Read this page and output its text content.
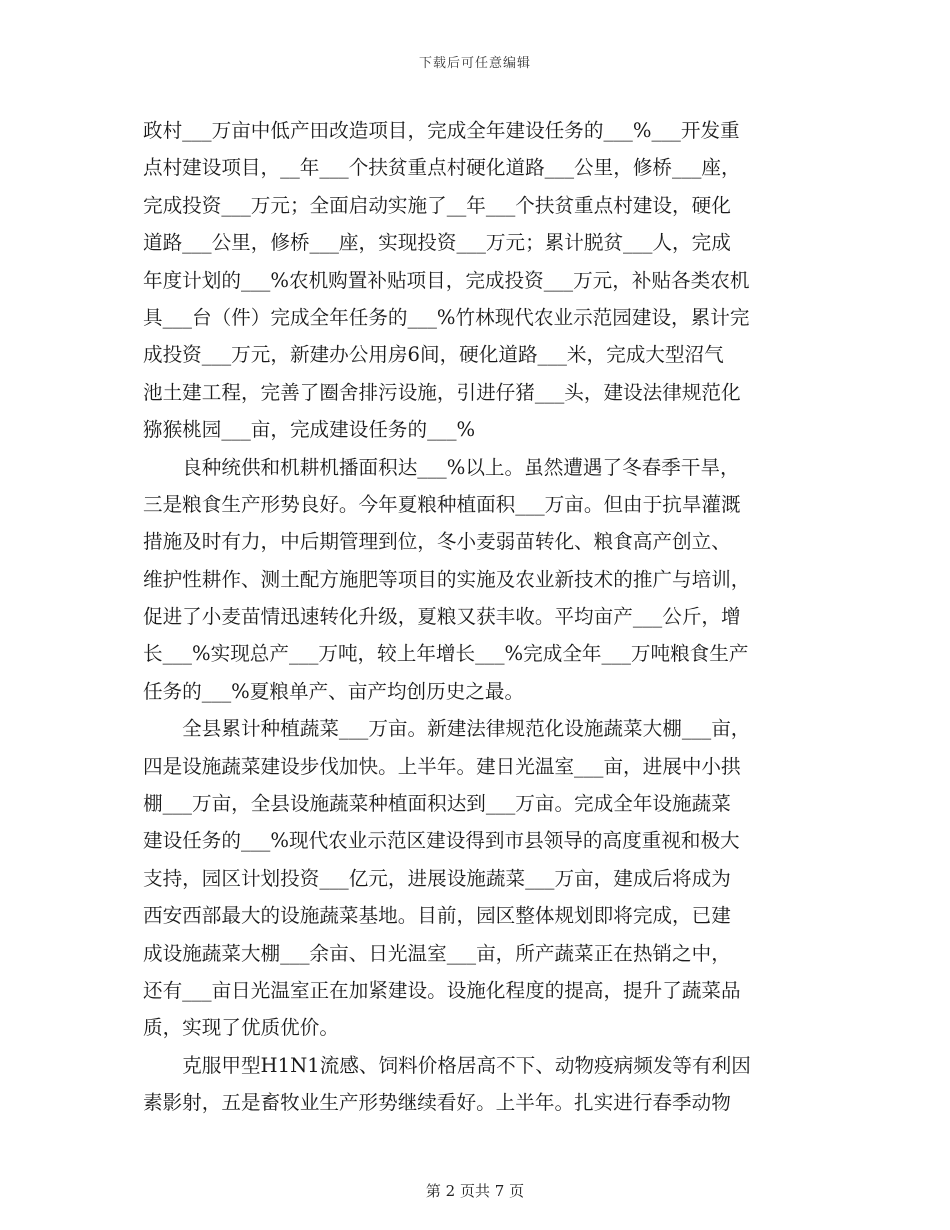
下载后可任意编辑
政村___万亩中低产田改造项目，完成全年建设任务的___%___开发重
点村建设项目，__年___个扶贫重点村硬化道路___公里，修桥___座，
完成投资___万元；全面启动实施了__年___个扶贫重点村建设，硬化
道路___公里，修桥___座，实现投资___万元；累计脱贫___人，完成
年度计划的___%农机购置补贴项目，完成投资___万元，补贴各类农机
具___台（件）完成全年任务的___%竹林现代农业示范园建设，累计完
成投资___万元，新建办公用房6间，硬化道路___米，完成大型沼气
池土建工程，完善了圈舍排污设施，引进仔猪___头，建设法律规范化
猕猴桃园___亩，完成建设任务的___%
　　良种统供和机耕机播面积达___%以上。虽然遭遇了冬春季干旱，
三是粮食生产形势良好。今年夏粮种植面积___万亩。但由于抗旱灌溉
措施及时有力，中后期管理到位，冬小麦弱苗转化、粮食高产创立、
维护性耕作、测土配方施肥等项目的实施及农业新技术的推广与培训，
促进了小麦苗情迅速转化升级，夏粮又获丰收。平均亩产___公斤，增
长___%实现总产___万吨，较上年增长___%完成全年___万吨粮食生产
任务的___%夏粮单产、亩产均创历史之最。
　　全县累计种植蔬菜___万亩。新建法律规范化设施蔬菜大棚___亩，
四是设施蔬菜建设步伐加快。上半年。建日光温室___亩，进展中小拱
棚___万亩，全县设施蔬菜种植面积达到___万亩。完成全年设施蔬菜
建设任务的___%现代农业示范区建设得到市县领导的高度重视和极大
支持，园区计划投资___亿元，进展设施蔬菜___万亩，建成后将成为
西安西部最大的设施蔬菜基地。目前，园区整体规划即将完成，已建
成设施蔬菜大棚___余亩、日光温室___亩，所产蔬菜正在热销之中，
还有___亩日光温室正在加紧建设。设施化程度的提高，提升了蔬菜品
质，实现了优质优价。
　　克服甲型H1N1流感、饲料价格居高不下、动物疫病频发等有利因
素影射，五是畜牧业生产形势继续看好。上半年。扎实进行春季动物
第 2 页共 7 页
